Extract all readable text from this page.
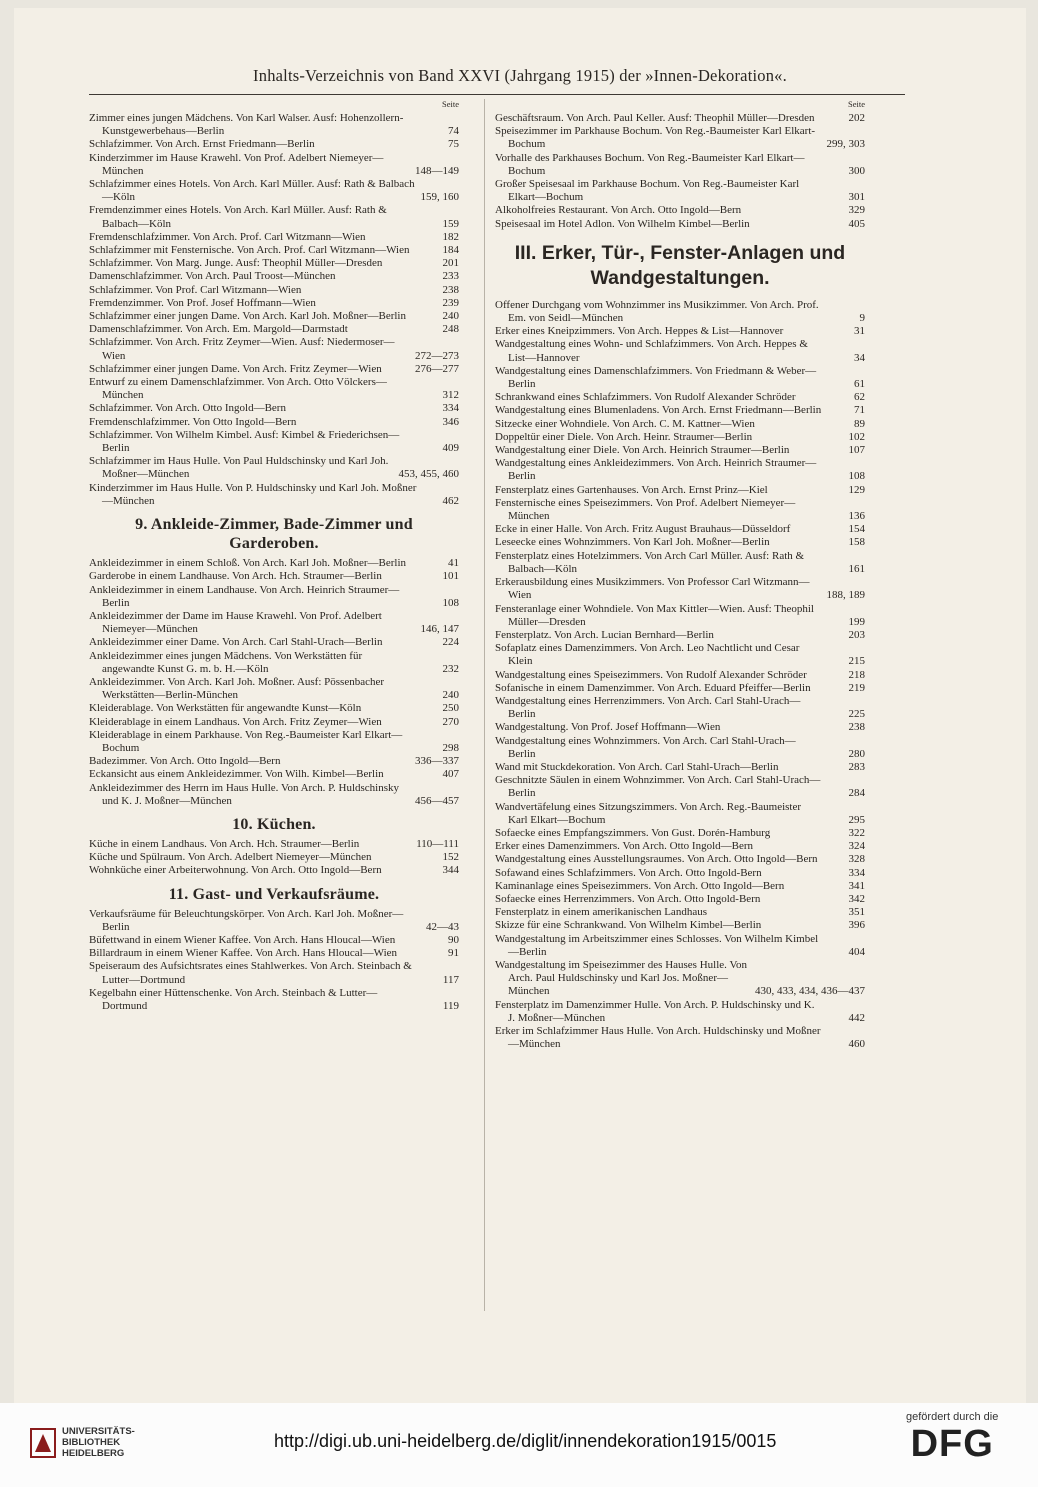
Inhalts-Verzeichnis von Band XXVI (Jahrgang 1915) der »Innen-Dekoration«.
Seite
Zimmer eines jungen Mädchens. Von Karl Walser. Ausf: Hohenzollern-Kunstgewerbehaus—Berlin	74
Schlafzimmer. Von Arch. Ernst Friedmann—Berlin	75
Kinderzimmer im Hause Krawehl. Von Prof. Adelbert Niemeyer—München	148—149
Schlafzimmer eines Hotels. Von Arch. Karl Müller. Ausf: Rath & Balbach—Köln	159, 160
Fremdenzimmer eines Hotels. Von Arch. Karl Müller. Ausf: Rath & Balbach—Köln	159
Fremdenschlafzimmer. Von Arch. Prof. Carl Witzmann—Wien	182
Schlafzimmer mit Fensternische. Von Arch. Prof. Carl Witzmann—Wien	184
Schlafzimmer. Von Marg. Junge. Ausf: Theophil Müller—Dresden	201
Damenschlafzimmer. Von Arch. Paul Troost—München	233
Schlafzimmer. Von Prof. Carl Witzmann—Wien	238
Fremdenzimmer. Von Prof. Josef Hoffmann—Wien	239
Schlafzimmer einer jungen Dame. Von Arch. Karl Joh. Moßner—Berlin	240
Damenschlafzimmer. Von Arch. Em. Margold—Darmstadt	248
Schlafzimmer. Von Arch. Fritz Zeymer—Wien. Ausf: Niedermoser—Wien	272—273
Schlafzimmer einer jungen Dame. Von Arch. Fritz Zeymer—Wien	276—277
Entwurf zu einem Damenschlafzimmer. Von Arch. Otto Völckers—München	312
Schlafzimmer. Von Arch. Otto Ingold—Bern	334
Fremdenschlafzimmer. Von Otto Ingold—Bern	346
Schlafzimmer. Von Wilhelm Kimbel. Ausf: Kimbel & Friederichsen—Berlin	409
Schlafzimmer im Haus Hulle. Von Paul Huldschinsky und Karl Joh. Moßner—München	453, 455, 460
Kinderzimmer im Haus Hulle. Von P. Huldschinsky und Karl Joh. Moßner—München	462
9. Ankleide-Zimmer, Bade-Zimmer und Garderoben.
Ankleidezimmer in einem Schloß. Von Arch. Karl Joh. Moßner—Berlin	41
Garderobe in einem Landhause. Von Arch. Hch. Straumer—Berlin	101
Ankleidezimmer in einem Landhause. Von Arch. Heinrich Straumer—Berlin	108
Ankleidezimmer der Dame im Hause Krawehl. Von Prof. Adelbert Niemeyer—München	146, 147
Ankleidezimmer einer Dame. Von Arch. Carl Stahl-Urach—Berlin	224
Ankleidezimmer eines jungen Mädchens. Von Werkstätten für angewandte Kunst G. m. b. H.—Köln	232
Ankleidezimmer. Von Arch. Karl Joh. Moßner. Ausf: Pössenbacher Werkstätten—Berlin-München	240
Kleiderablage. Von Werkstätten für angewandte Kunst—Köln	250
Kleiderablage in einem Landhaus. Von Arch. Fritz Zeymer—Wien	270
Kleiderablage in einem Parkhause. Von Reg.-Baumeister Karl Elkart—Bochum	298
Badezimmer. Von Arch. Otto Ingold—Bern	336—337
Eckansicht aus einem Ankleidezimmer. Von Wilh. Kimbel—Berlin	407
Ankleidezimmer des Herrn im Haus Hulle. Von Arch. P. Huldschinsky und K. J. Moßner—München	456—457
10. Küchen.
Küche in einem Landhaus. Von Arch. Hch. Straumer—Berlin	110—111
Küche und Spülraum. Von Arch. Adelbert Niemeyer—München	152
Wohnküche einer Arbeiterwohnung. Von Arch. Otto Ingold—Bern	344
11. Gast- und Verkaufsräume.
Verkaufsräume für Beleuchtungskörper. Von Arch. Karl Joh. Moßner—Berlin	42—43
Büfettwand in einem Wiener Kaffee. Von Arch. Hans Hloucal—Wien	90
Billardraum in einem Wiener Kaffee. Von Arch. Hans Hloucal—Wien	91
Speiseraum des Aufsichtsrates eines Stahlwerkes. Von Arch. Steinbach & Lutter—Dortmund	117
Kegelbahn einer Hüttenschenke. Von Arch. Steinbach & Lutter—Dortmund	119
Seite
Geschäftsraum. Von Arch. Paul Keller. Ausf: Theophil Müller—Dresden	202
Speisezimmer im Parkhause Bochum. Von Reg.-Baumeister Karl Elkart-Bochum	299, 303
Vorhalle des Parkhauses Bochum. Von Reg.-Baumeister Karl Elkart—Bochum	300
Großer Speisesaal im Parkhause Bochum. Von Reg.-Baumeister Karl Elkart—Bochum	301
Alkoholfreies Restaurant. Von Arch. Otto Ingold—Bern	329
Speisesaal im Hotel Adlon. Von Wilhelm Kimbel—Berlin	405
III. Erker, Tür-, Fenster-Anlagen und Wandgestaltungen.
Offener Durchgang vom Wohnzimmer ins Musikzimmer. Von Arch. Prof. Em. von Seidl—München	9
Erker eines Kneipzimmers. Von Arch. Heppes & List—Hannover	31
Wandgestaltung eines Wohn- und Schlafzimmers. Von Arch. Heppes & List—Hannover	34
Wandgestaltung eines Damenschlafzimmers. Von Friedmann & Weber—Berlin	61
Schrankwand eines Schlafzimmers. Von Rudolf Alexander Schröder	62
Wandgestaltung eines Blumenladens. Von Arch. Ernst Friedmann—Berlin	71
Sitzecke einer Wohndiele. Von Arch. C. M. Kattner—Wien	89
Doppeltür einer Diele. Von Arch. Heinr. Straumer—Berlin	102
Wandgestaltung einer Diele. Von Arch. Heinrich Straumer—Berlin	107
Wandgestaltung eines Ankleidezimmers. Von Arch. Heinrich Straumer—Berlin	108
Fensterplatz eines Gartenhauses. Von Arch. Ernst Prinz—Kiel	129
Fensternische eines Speisezimmers. Von Prof. Adelbert Niemeyer—München	136
Ecke in einer Halle. Von Arch. Fritz August Brauhaus—Düsseldorf	154
Leseecke eines Wohnzimmers. Von Karl Joh. Moßner—Berlin	158
Fensterplatz eines Hotelzimmers. Von Arch Carl Müller. Ausf: Rath & Balbach—Köln	161
Erkerausbildung eines Musikzimmers. Von Professor Carl Witzmann—Wien	188, 189
Fensteranlage einer Wohndiele. Von Max Kittler—Wien. Ausf: Theophil Müller—Dresden	199
Fensterplatz. Von Arch. Lucian Bernhard—Berlin	203
Sofaplatz eines Damenzimmers. Von Arch. Leo Nachtlicht und Cesar Klein	215
Wandgestaltung eines Speisezimmers. Von Rudolf Alexander Schröder	218
Sofanische in einem Damenzimmer. Von Arch. Eduard Pfeiffer—Berlin	219
Wandgestaltung eines Herrenzimmers. Von Arch. Carl Stahl-Urach—Berlin	225
Wandgestaltung. Von Prof. Josef Hoffmann—Wien	238
Wandgestaltung eines Wohnzimmers. Von Arch. Carl Stahl-Urach—Berlin	280
Wand mit Stuckdekoration. Von Arch. Carl Stahl-Urach—Berlin	283
Geschnitzte Säulen in einem Wohnzimmer. Von Arch. Carl Stahl-Urach—Berlin	284
Wandvertäfelung eines Sitzungszimmers. Von Arch. Reg.-Baumeister Karl Elkart—Bochum	295
Sofaecke eines Empfangszimmers. Von Gust. Dorén-Hamburg	322
Erker eines Damenzimmers. Von Arch. Otto Ingold—Bern	324
Wandgestaltung eines Ausstellungsraumes. Von Arch. Otto Ingold—Bern	328
Sofawand eines Schlafzimmers. Von Arch. Otto Ingold-Bern	334
Kaminanlage eines Speisezimmers. Von Arch. Otto Ingold—Bern	341
Sofaecke eines Herrenzimmers. Von Arch. Otto Ingold-Bern	342
Fensterplatz in einem amerikanischen Landhaus	351
Skizze für eine Schrankwand. Von Wilhelm Kimbel—Berlin	396
Wandgestaltung im Arbeitszimmer eines Schlosses. Von Wilhelm Kimbel—Berlin	404
Wandgestaltung im Speisezimmer des Hauses Hulle. Von Arch. Paul Huldschinsky und Karl Jos. Moßner—München	430, 433, 434, 436—437
Fensterplatz im Damenzimmer Hulle. Von Arch. P. Huldschinsky und K. J. Moßner—München	442
Erker im Schlafzimmer Haus Hulle. Von Arch. Huldschinsky und Moßner—München	460
UNIVERSITÄTS-
BIBLIOTHEK
HEIDELBERG
http://digi.ub.uni-heidelberg.de/diglit/innendekoration1915/0015
gefördert durch die
DFG
